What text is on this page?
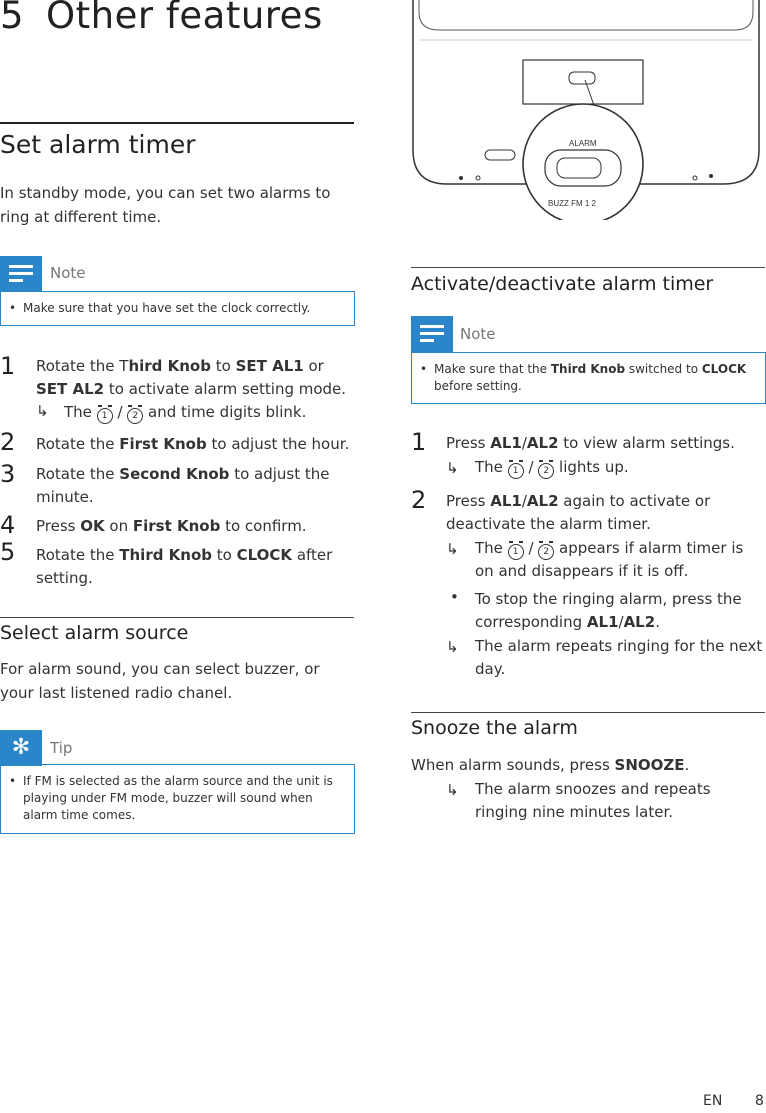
5 Other features
Set alarm timer
In standby mode, you can set two alarms to ring at different time.
Note
• Make sure that you have set the clock correctly.
1 Rotate the Third Knob to SET AL1 or SET AL2 to activate alarm setting mode.
↳ The 1 / 2 and time digits blink.
2 Rotate the First Knob to adjust the hour.
3 Rotate the Second Knob to adjust the minute.
4 Press OK on First Knob to confirm.
5 Rotate the Third Knob to CLOCK after setting.
Select alarm source
For alarm sound, you can select buzzer, or your last listened radio chanel.
✻	Tip
• If FM is selected as the alarm source and the unit is playing under FM mode, buzzer will sound when alarm time comes.
ALARM
BUZZ FM 1 2
Activate/deactivate alarm timer
Note
• Make sure that the Third Knob switched to CLOCK before setting.
1 Press AL1/AL2 to view alarm settings.
↳ The 1 / 2 lights up.
2 Press AL1/AL2 again to activate or deactivate the alarm timer.
↳ The 1 / 2 appears if alarm timer is on and disappears if it is off.
• To stop the ringing alarm, press the corresponding AL1/AL2.
↳ The alarm repeats ringing for the next day.
Snooze the alarm
When alarm sounds, press SNOOZE.
↳ The alarm snoozes and repeats ringing nine minutes later.
EN 8
